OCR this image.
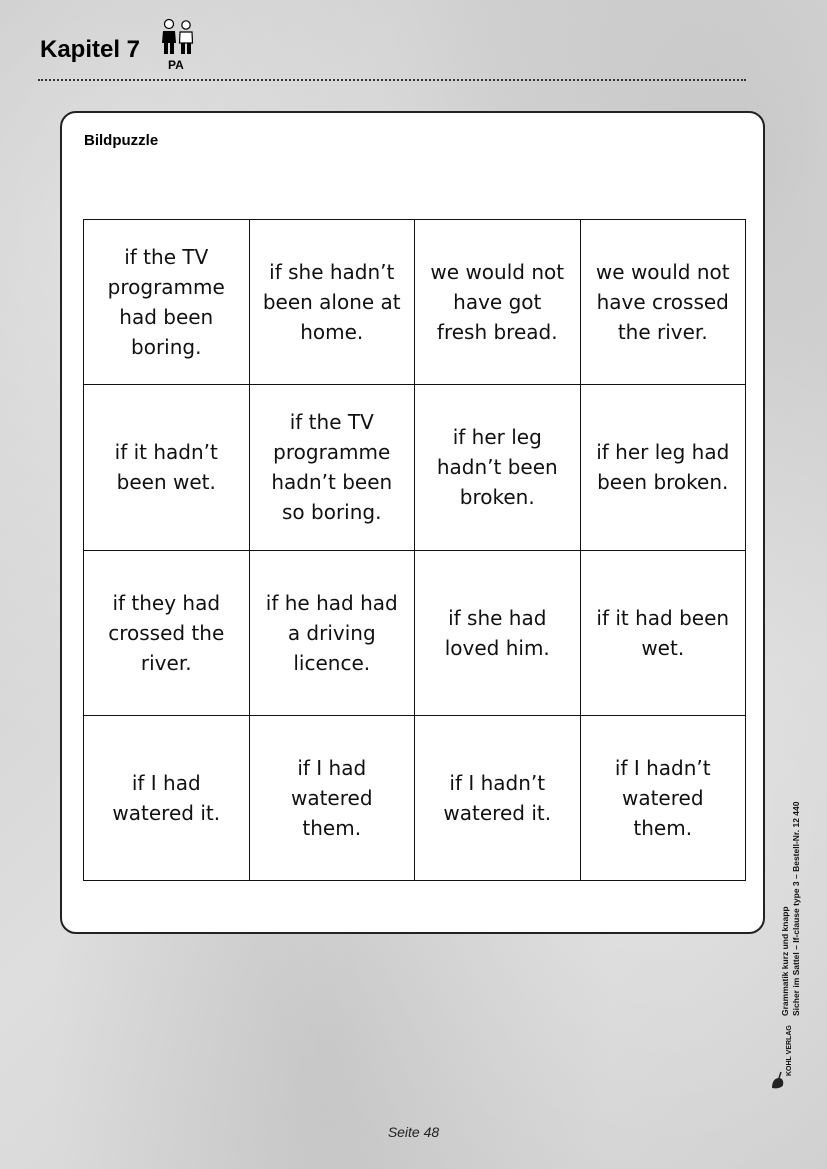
Kapitel 7
PA
Bildpuzzle
if the TV programme had been boring.
if she hadn’t been alone at home.
we would not have got fresh bread.
we would not have crossed the river.
if it hadn’t been wet.
if the TV programme hadn’t been so boring.
if her leg hadn’t been broken.
if her leg had been broken.
if they had crossed the river.
if he had had a driving licence.
if she had loved him.
if it had been wet.
if I had watered it.
if I had watered them.
if I hadn’t watered it.
if I hadn’t watered them.
Grammatik kurz und knapp Sicher im Sattel – If-clause type 3 – Bestell-Nr. 12 440
KOHL VERLAG
Seite 48
